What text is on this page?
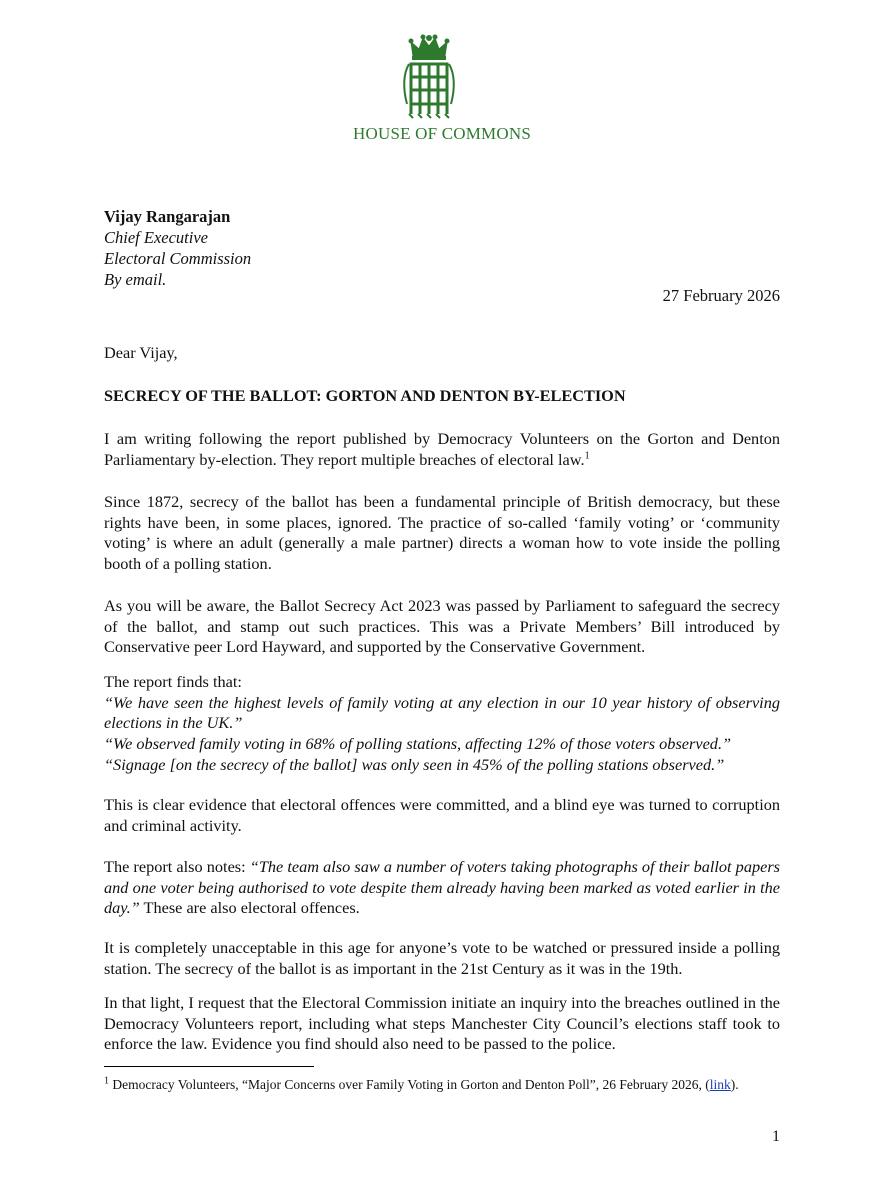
HOUSE OF COMMONS
Vijay Rangarajan
Chief Executive
Electoral Commission
By email.
27 February 2026

Dear Vijay,

SECRECY OF THE BALLOT: GORTON AND DENTON BY-ELECTION

I am writing following the report published by Democracy Volunteers on the Gorton and Denton Parliamentary by-election. They report multiple breaches of electoral law.$^1$

Since 1872, secrecy of the ballot has been a fundamental principle of British democracy, but these rights have been, in some places, ignored. The practice of so-called ‘family voting’ or ‘community voting’ is where an adult (generally a male partner) directs a woman how to vote inside the polling booth of a polling station.

As you will be aware, the Ballot Secrecy Act 2023 was passed by Parliament to safeguard the secrecy of the ballot, and stamp out such practices. This was a Private Members’ Bill introduced by Conservative peer Lord Hayward, and supported by the Conservative Government.

The report finds that:
“We have seen the highest levels of family voting at any election in our 10 year history of observing elections in the UK.”
“We observed family voting in 68% of polling stations, affecting 12% of those voters observed.”
“Signage [on the secrecy of the ballot] was only seen in 45% of the polling stations observed.”

This is clear evidence that electoral offences were committed, and a blind eye was turned to corruption and criminal activity.

The report also notes: “The team also saw a number of voters taking photographs of their ballot papers and one voter being authorised to vote despite them already having been marked as voted earlier in the day.” These are also electoral offences.

It is completely unacceptable in this age for anyone’s vote to be watched or pressured inside a polling station. The secrecy of the ballot is as important in the 21st Century as it was in the 19th.

In that light, I request that the Electoral Commission initiate an inquiry into the breaches outlined in the Democracy Volunteers report, including what steps Manchester City Council’s elections staff took to enforce the law. Evidence you find should also need to be passed to the police.

$^1$ Democracy Volunteers, “Major Concerns over Family Voting in Gorton and Denton Poll”, 26 February 2026, (link).

1
